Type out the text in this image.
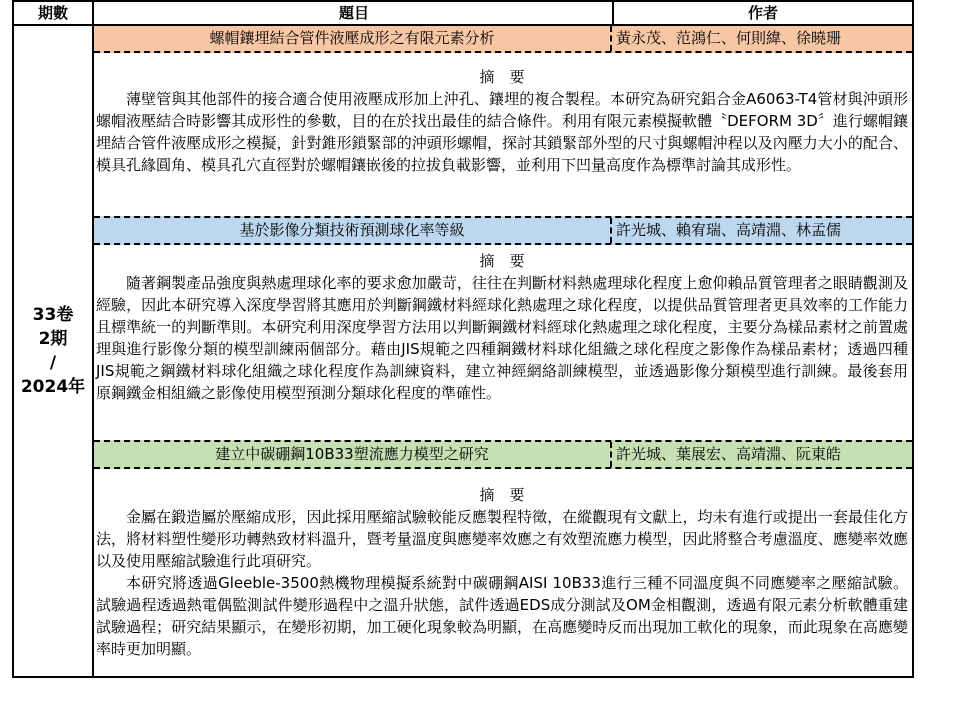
期數	題目	作者
33卷
2期
/
2024年
螺帽鑲埋結合管件液壓成形之有限元素分析	黃永茂、范鴻仁、何則緯、徐曉珊
摘　要

薄壁管與其他部件的接合適合使用液壓成形加上沖孔、鑲埋的複合製程。本研究為研究鋁合金A6063-T4管材與沖頭形螺帽液壓結合時影響其成形性的參數，目的在於找出最佳的結合條件。利用有限元素模擬軟體〝DEFORM 3D〞進行螺帽鑲埋結合管件液壓成形之模擬，針對錐形鎖緊部的沖頭形螺帽，探討其鎖緊部外型的尺寸與螺帽沖程以及內壓力大小的配合、模具孔緣圓角、模具孔穴直徑對於螺帽鑲嵌後的拉拔負載影響，並利用下凹量高度作為標準討論其成形性。

基於影像分類技術預測球化率等級	許光城、賴宥瑞、高靖淵、林孟儒
摘　要

隨著鋼製產品強度與熱處理球化率的要求愈加嚴苛，往往在判斷材料熱處理球化程度上愈仰賴品質管理者之眼睛觀測及經驗，因此本研究導入深度學習將其應用於判斷鋼鐵材料經球化熱處理之球化程度，以提供品質管理者更具效率的工作能力且標準統一的判斷準則。本研究利用深度學習方法用以判斷鋼鐵材料經球化熱處理之球化程度，主要分為樣品素材之前置處理與進行影像分類的模型訓練兩個部分。藉由JIS規範之四種鋼鐵材料球化組織之球化程度之影像作為樣品素材；透過四種JIS規範之鋼鐵材料球化組織之球化程度作為訓練資料，建立神經網絡訓練模型，並透過影像分類模型進行訓練。最後套用原鋼鐵金相組織之影像使用模型預測分類球化程度的準確性。

建立中碳硼鋼10B33塑流應力模型之研究	許光城、葉展宏、高靖淵、阮東皓
摘　要

金屬在鍛造屬於壓縮成形，因此採用壓縮試驗較能反應製程特徵，在縱觀現有文獻上，均未有進行或提出一套最佳化方法，將材料塑性變形功轉熱致材料溫升，暨考量溫度與應變率效應之有效塑流應力模型，因此將整合考慮溫度、應變率效應以及使用壓縮試驗進行此項研究。

本研究將透過Gleeble-3500熱機物理模擬系統對中碳硼鋼AISI 10B33進行三種不同溫度與不同應變率之壓縮試驗。試驗過程透過熱電偶監測試件變形過程中之溫升狀態，試件透過EDS成分測試及OM金相觀測，透過有限元素分析軟體重建試驗過程；研究結果顯示，在變形初期，加工硬化現象較為明顯，在高應變時反而出現加工軟化的現象，而此現象在高應變率時更加明顯。
